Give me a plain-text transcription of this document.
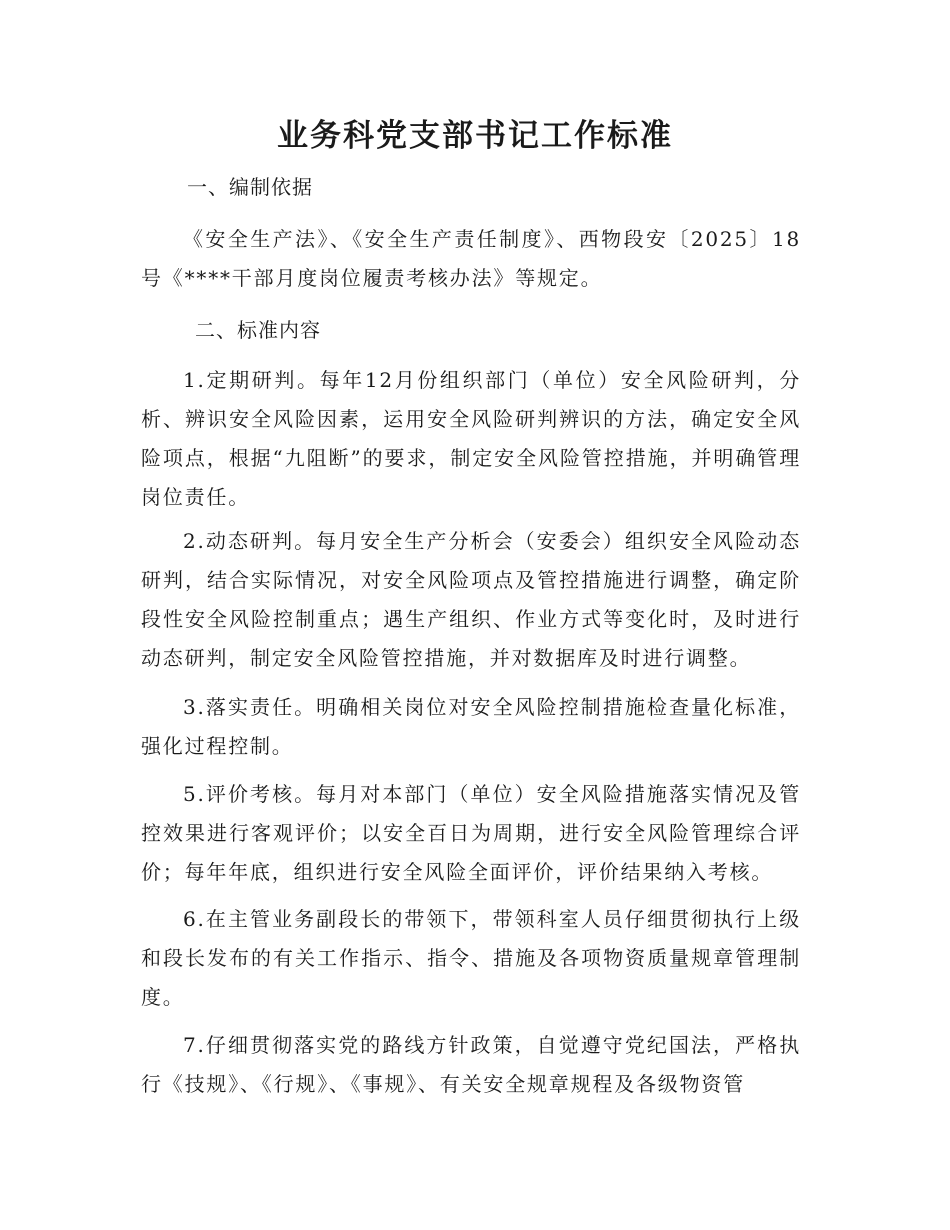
业务科党支部书记工作标准

一、编制依据

《安全生产法》、《安全生产责任制度》、西物段安〔2025〕18号《****干部月度岗位履责考核办法》等规定。

二、标准内容

1.定期研判。每年12月份组织部门（单位）安全风险研判，分析、辨识安全风险因素，运用安全风险研判辨识的方法，确定安全风险项点，根据“九阻断”的要求，制定安全风险管控措施，并明确管理岗位责任。

2.动态研判。每月安全生产分析会（安委会）组织安全风险动态研判，结合实际情况，对安全风险项点及管控措施进行调整，确定阶段性安全风险控制重点；遇生产组织、作业方式等变化时，及时进行动态研判，制定安全风险管控措施，并对数据库及时进行调整。

3.落实责任。明确相关岗位对安全风险控制措施检查量化标准，强化过程控制。

5.评价考核。每月对本部门（单位）安全风险措施落实情况及管控效果进行客观评价；以安全百日为周期，进行安全风险管理综合评价；每年年底，组织进行安全风险全面评价，评价结果纳入考核。

6.在主管业务副段长的带领下，带领科室人员仔细贯彻执行上级和段长发布的有关工作指示、指令、措施及各项物资质量规章管理制度。

7.仔细贯彻落实党的路线方针政策，自觉遵守党纪国法，严格执行《技规》、《行规》、《事规》、有关安全规章规程及各级物资管
